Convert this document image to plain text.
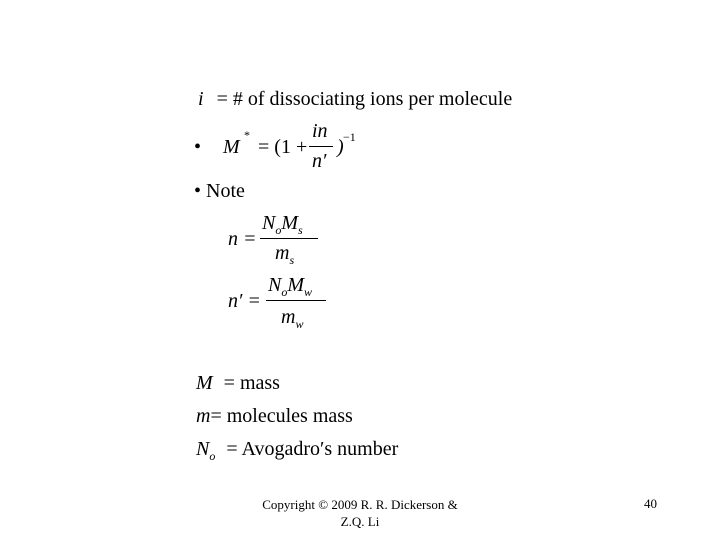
i = # of dissociating ions per molecule
• M
*
= (1 +
in
n′
) −1
• Note
n =
$N_oM_s$
$m_s$
n′ =
$N_oM_w$
$m_w$
M = mass
m= molecules mass
$N_o$ = Avogadro′s number
Copyright © 2009 R. R. Dickerson &
Z.Q. Li
40
